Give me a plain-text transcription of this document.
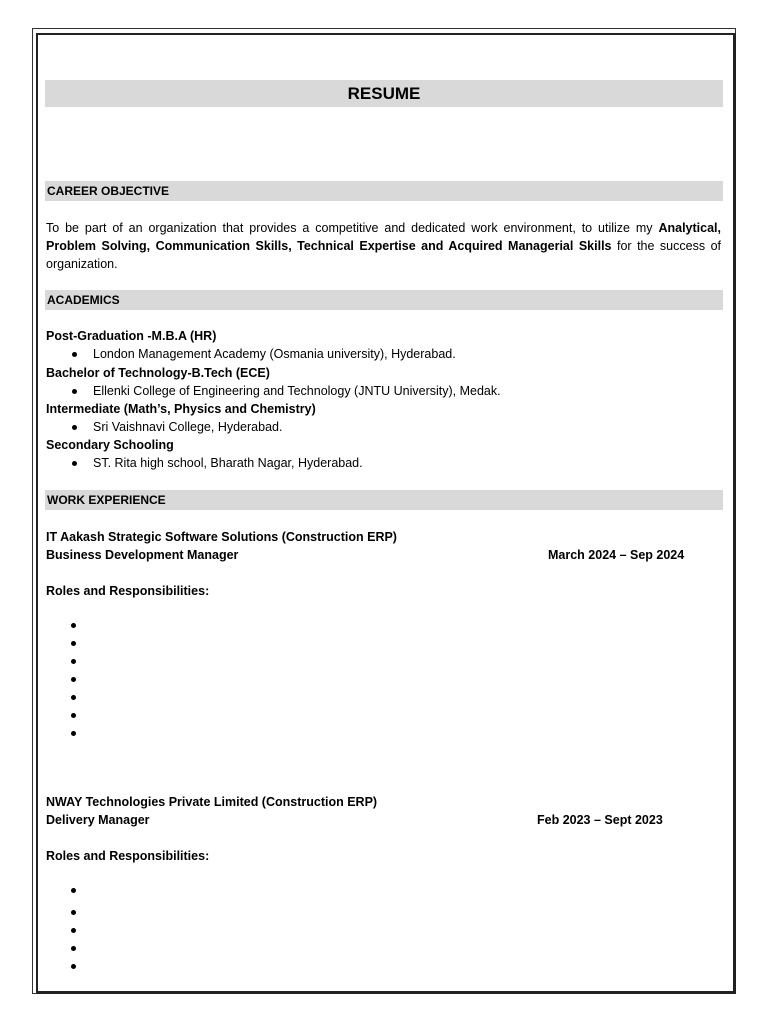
RESUME
CAREER OBJECTIVE
To be part of an organization that provides a competitive and dedicated work environment, to utilize my Analytical, Problem Solving, Communication Skills, Technical Expertise and Acquired Managerial Skills for the success of organization.
ACADEMICS
Post-Graduation -M.B.A (HR)
London Management Academy (Osmania university), Hyderabad.
Bachelor of Technology-B.Tech (ECE)
Ellenki College of Engineering and Technology (JNTU University), Medak.
Intermediate (Math’s, Physics and Chemistry)
Sri Vaishnavi College, Hyderabad.
Secondary Schooling
ST. Rita high school, Bharath Nagar, Hyderabad.
WORK EXPERIENCE
IT Aakash Strategic Software Solutions (Construction ERP)
Business Development Manager	March 2024 – Sep 2024
Roles and Responsibilities:
NWAY Technologies Private Limited (Construction ERP)
Delivery Manager	Feb 2023 – Sept 2023
Roles and Responsibilities:
